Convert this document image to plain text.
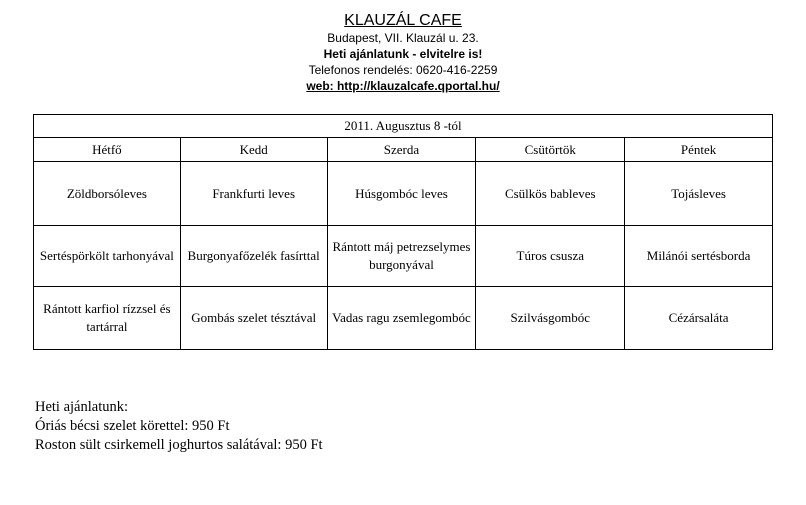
KLAUZÁL CAFE
Budapest, VII. Klauzál u. 23.
Heti ajánlatunk - elvitelre is!
Telefonos rendelés: 0620-416-2259
web: http://klauzalcafe.qportal.hu/
2011. Augusztus 8 -tól				
Hétfő	Kedd	Szerda	Csütörtök	Péntek
Zöldborsóleves	Frankfurti leves	Húsgombóc leves	Csülkös bableves	Tojásleves
Sertéspörkölt tarhonyával	Burgonyafőzelék fasírttal	Rántott máj petrezselymes burgonyával	Túros csusza	Milánói sertésborda
Rántott karfiol rízzsel és tartárral	Gombás szelet tésztával	Vadas ragu zsemlegombóc	Szilvásgombóc	Cézársaláta
Heti ajánlatunk:
Óriás bécsi szelet körettel: 950 Ft
Roston sült csirkemell joghurtos salátával: 950 Ft
